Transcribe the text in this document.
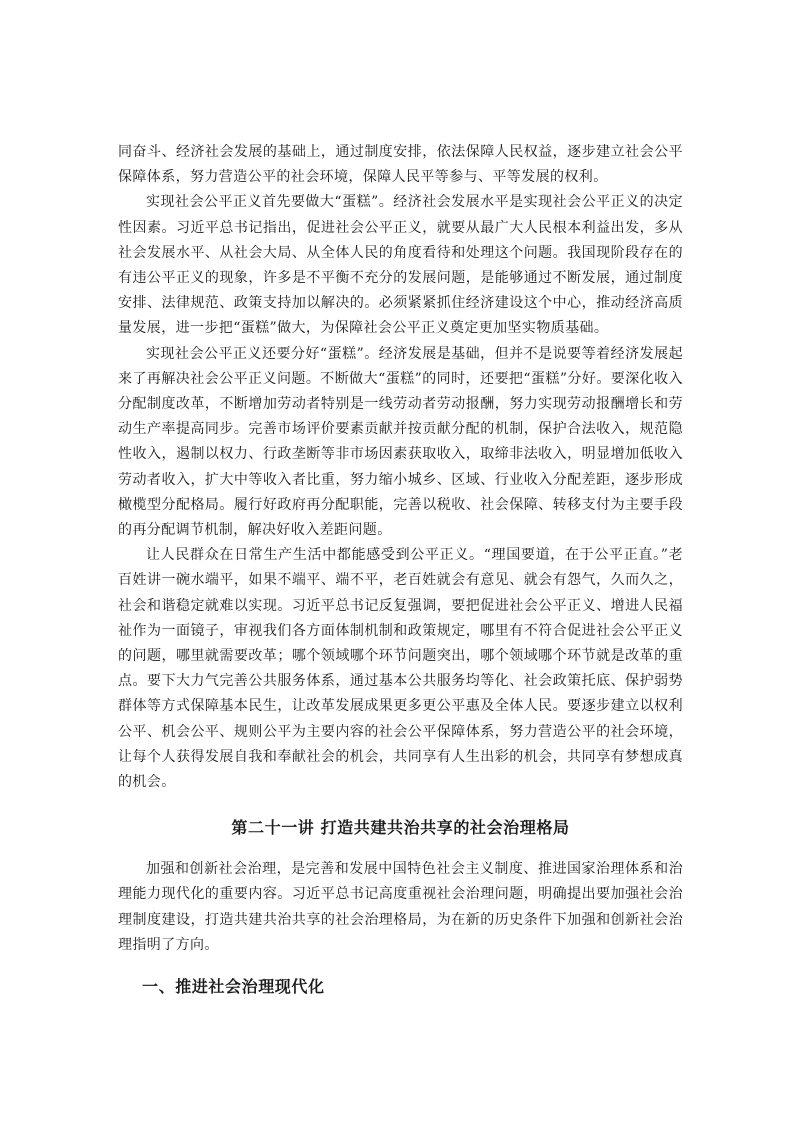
同奋斗、经济社会发展的基础上，通过制度安排，依法保障人民权益，逐步建立社会公平保障体系，努力营造公平的社会环境，保障人民平等参与、平等发展的权利。

实现社会公平正义首先要做大“蛋糕”。经济社会发展水平是实现社会公平正义的决定性因素。习近平总书记指出，促进社会公平正义，就要从最广大人民根本利益出发，多从社会发展水平、从社会大局、从全体人民的角度看待和处理这个问题。我国现阶段存在的有违公平正义的现象，许多是不平衡不充分的发展问题，是能够通过不断发展，通过制度安排、法律规范、政策支持加以解决的。必须紧紧抓住经济建设这个中心，推动经济高质量发展，进一步把“蛋糕”做大，为保障社会公平正义奠定更加坚实物质基础。

实现社会公平正义还要分好“蛋糕”。经济发展是基础，但并不是说要等着经济发展起来了再解决社会公平正义问题。不断做大“蛋糕”的同时，还要把“蛋糕”分好。要深化收入分配制度改革，不断增加劳动者特别是一线劳动者劳动报酬，努力实现劳动报酬增长和劳动生产率提高同步。完善市场评价要素贡献并按贡献分配的机制，保护合法收入，规范隐性收入，遏制以权力、行政垄断等非市场因素获取收入，取缔非法收入，明显增加低收入劳动者收入，扩大中等收入者比重，努力缩小城乡、区域、行业收入分配差距，逐步形成橄榄型分配格局。履行好政府再分配职能，完善以税收、社会保障、转移支付为主要手段的再分配调节机制，解决好收入差距问题。

让人民群众在日常生产生活中都能感受到公平正义。“理国要道，在于公平正直。”老百姓讲一碗水端平，如果不端平、端不平，老百姓就会有意见、就会有怨气，久而久之，社会和谐稳定就难以实现。习近平总书记反复强调，要把促进社会公平正义、增进人民福祉作为一面镜子，审视我们各方面体制机制和政策规定，哪里有不符合促进社会公平正义的问题，哪里就需要改革；哪个领域哪个环节问题突出，哪个领域哪个环节就是改革的重点。要下大力气完善公共服务体系，通过基本公共服务均等化、社会政策托底、保护弱势群体等方式保障基本民生，让改革发展成果更多更公平惠及全体人民。要逐步建立以权利公平、机会公平、规则公平为主要内容的社会公平保障体系，努力营造公平的社会环境，让每个人获得发展自我和奉献社会的机会，共同享有人生出彩的机会，共同享有梦想成真的机会。

第二十一讲 打造共建共治共享的社会治理格局

加强和创新社会治理，是完善和发展中国特色社会主义制度、推进国家治理体系和治理能力现代化的重要内容。习近平总书记高度重视社会治理问题，明确提出要加强社会治理制度建设，打造共建共治共享的社会治理格局，为在新的历史条件下加强和创新社会治理指明了方向。

一、推进社会治理现代化
